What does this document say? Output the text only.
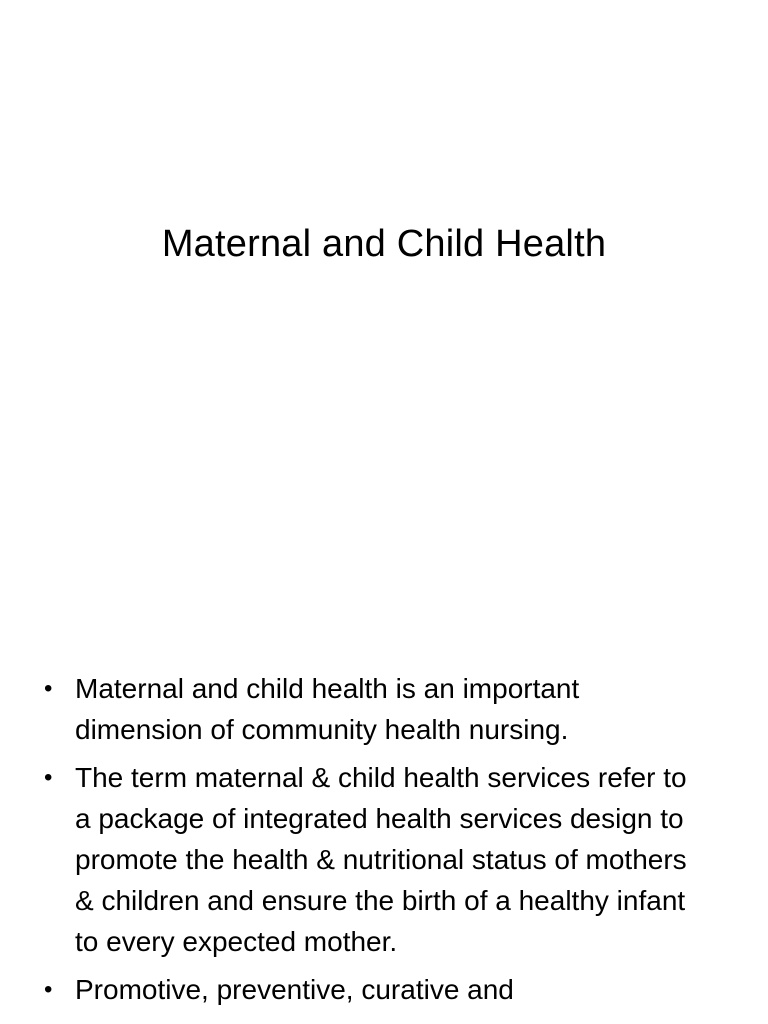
Maternal and Child Health
• Maternal and child health is an important dimension of community health nursing.
• The term maternal & child health services refer to a package of integrated health services design to promote the health & nutritional status of mothers & children and ensure the birth of a healthy infant to every expected mother.
• Promotive, preventive, curative and
